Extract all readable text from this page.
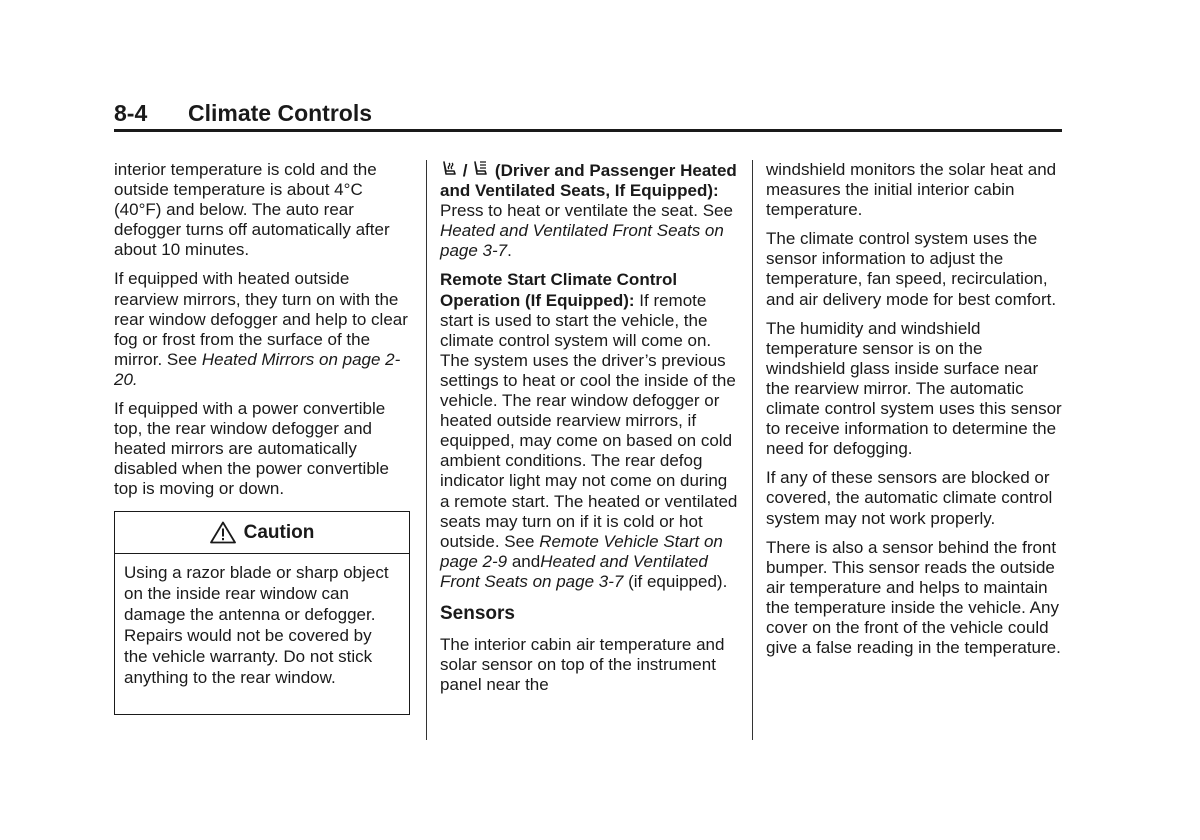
8-4 Climate Controls

interior temperature is cold and the outside temperature is about 4°C (40°F) and below. The auto rear defogger turns off automatically after about 10 minutes.

If equipped with heated outside rearview mirrors, they turn on with the rear window defogger and help to clear fog or frost from the surface of the mirror. See Heated Mirrors on page 2-20.

If equipped with a power convertible top, the rear window defogger and heated mirrors are automatically disabled when the power convertible top is moving or down.

Caution
Using a razor blade or sharp object on the inside rear window can damage the antenna or defogger. Repairs would not be covered by the vehicle warranty. Do not stick anything to the rear window.

/
(Driver and Passenger Heated and Ventilated Seats, If Equipped): Press to heat or ventilate the seat. See Heated and Ventilated Front Seats on page 3-7.

Remote Start Climate Control Operation (If Equipped): If remote start is used to start the vehicle, the climate control system will come on. The system uses the driver’s previous settings to heat or cool the inside of the vehicle. The rear window defogger or heated outside rearview mirrors, if equipped, may come on based on cold ambient conditions. The rear defog indicator light may not come on during a remote start. The heated or ventilated seats may turn on if it is cold or hot outside. See Remote Vehicle Start on page 2-9 andHeated and Ventilated Front Seats on page 3-7 (if equipped).

Sensors

The interior cabin air temperature and solar sensor on top of the instrument panel near the

windshield monitors the solar heat and measures the initial interior cabin temperature.

The climate control system uses the sensor information to adjust the temperature, fan speed, recirculation, and air delivery mode for best comfort.

The humidity and windshield temperature sensor is on the windshield glass inside surface near the rearview mirror. The automatic climate control system uses this sensor to receive information to determine the need for defogging.

If any of these sensors are blocked or covered, the automatic climate control system may not work properly.

There is also a sensor behind the front bumper. This sensor reads the outside air temperature and helps to maintain the temperature inside the vehicle. Any cover on the front of the vehicle could give a false reading in the temperature.
